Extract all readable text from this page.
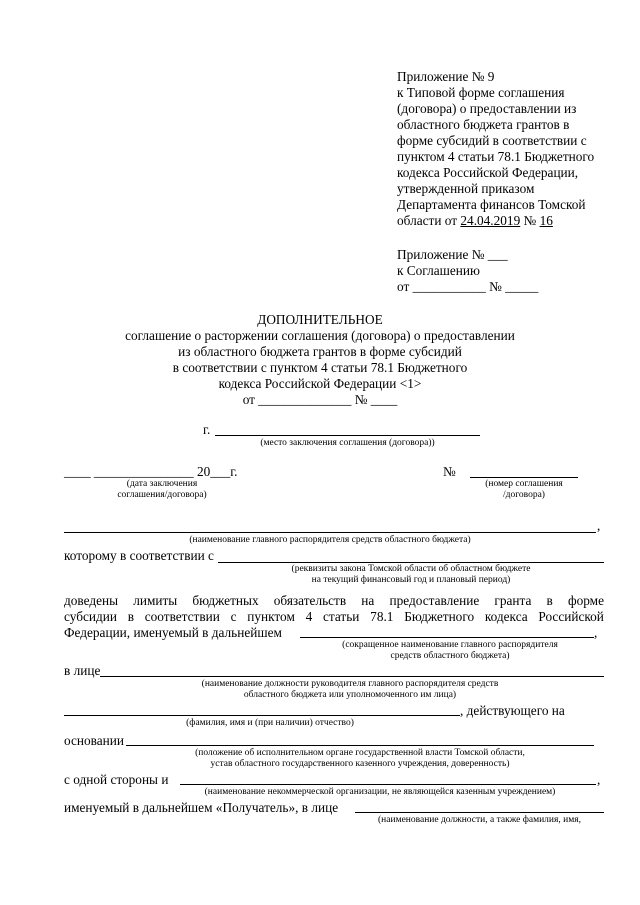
Приложение № 9
к Типовой форме соглашения
(договора) о предоставлении из
областного бюджета грантов в
форме субсидий в соответствии с
пунктом 4 статьи 78.1 Бюджетного
кодекса Российской Федерации,
утвержденной приказом
Департамента финансов Томской
области от 24.04.2019 № 16
Приложение № ___
к Соглашению
от ___________ № _____
ДОПОЛНИТЕЛЬНОЕ
соглашение о расторжении соглашения (договора) о предоставлении
из областного бюджета грантов в форме субсидий
в соответствии с пунктом 4 статьи 78.1 Бюджетного
кодекса Российской Федерации <1>
от ______________ № ____
г.
(место заключения соглашения (договора))
____ _______________ 20___г.
(дата заключения
соглашения/договора)
№
(номер соглашения
/договора)
,
(наименование главного распорядителя средств областного бюджета)
которому в соответствии с
(реквизиты закона Томской области об областном бюджете
на текущий финансовый год и плановый период)
доведены лимиты бюджетных обязательств на предоставление гранта в форме
субсидии в соответствии с пунктом 4 статьи 78.1 Бюджетного кодекса Российской
Федерации, именуемый в дальнейшем	,
(сокращенное наименование главного распорядителя
средств областного бюджета)
в лице
(наименование должности руководителя главного распорядителя средств
областного бюджета или уполномоченного им лица)
, действующего на
(фамилия, имя и (при наличии) отчество)
основании
(положение об исполнительном органе государственной власти Томской области,
устав областного государственного казенного учреждения, доверенность)
с одной стороны и	,
(наименование некоммерческой организации, не являющейся казенным учреждением)
именуемый в дальнейшем «Получатель», в лице
(наименование должности, а также фамилия, имя,
